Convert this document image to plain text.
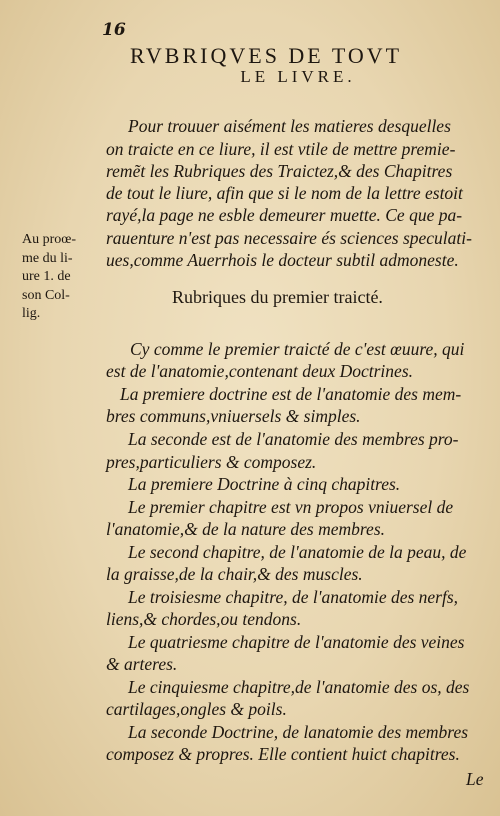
16
RVBRIQVES DE TOVT
LE LIVRE.
Pour trouuer aisément les matieres desquelles
on traicte en ce liure, il est vtile de mettre premie-
remẽt les Rubriques des Traictez,& des Chapitres
de tout le liure, afin que si le nom de la lettre estoit
rayé,la page ne esble demeurer muette. Ce que pa-
rauenture n'est pas necessaire és sciences speculati-
ues,comme Auerrhois le docteur subtil admoneste.
Au proœ-
me du li-
ure 1. de
son Col-
lig.
Rubriques du premier traicté.
Cy comme le premier traicté de c'est œuure, qui
est de l'anatomie,contenant deux Doctrines.
La premiere doctrine est de l'anatomie des mem-
bres communs,vniuersels & simples.
La seconde est de l'anatomie des membres pro-
pres,particuliers & composez.
La premiere Doctrine à cinq chapitres.
Le premier chapitre est vn propos vniuersel de
l'anatomie,& de la nature des membres.
Le second chapitre, de l'anatomie de la peau, de
la graisse,de la chair,& des muscles.
Le troisiesme chapitre, de l'anatomie des nerfs,
liens,& chordes,ou tendons.
Le quatriesme chapitre de l'anatomie des veines
& arteres.
Le cinquiesme chapitre,de l'anatomie des os, des
cartilages,ongles & poils.
La seconde Doctrine, de lanatomie des membres
composez & propres. Elle contient huict chapitres.
Le
